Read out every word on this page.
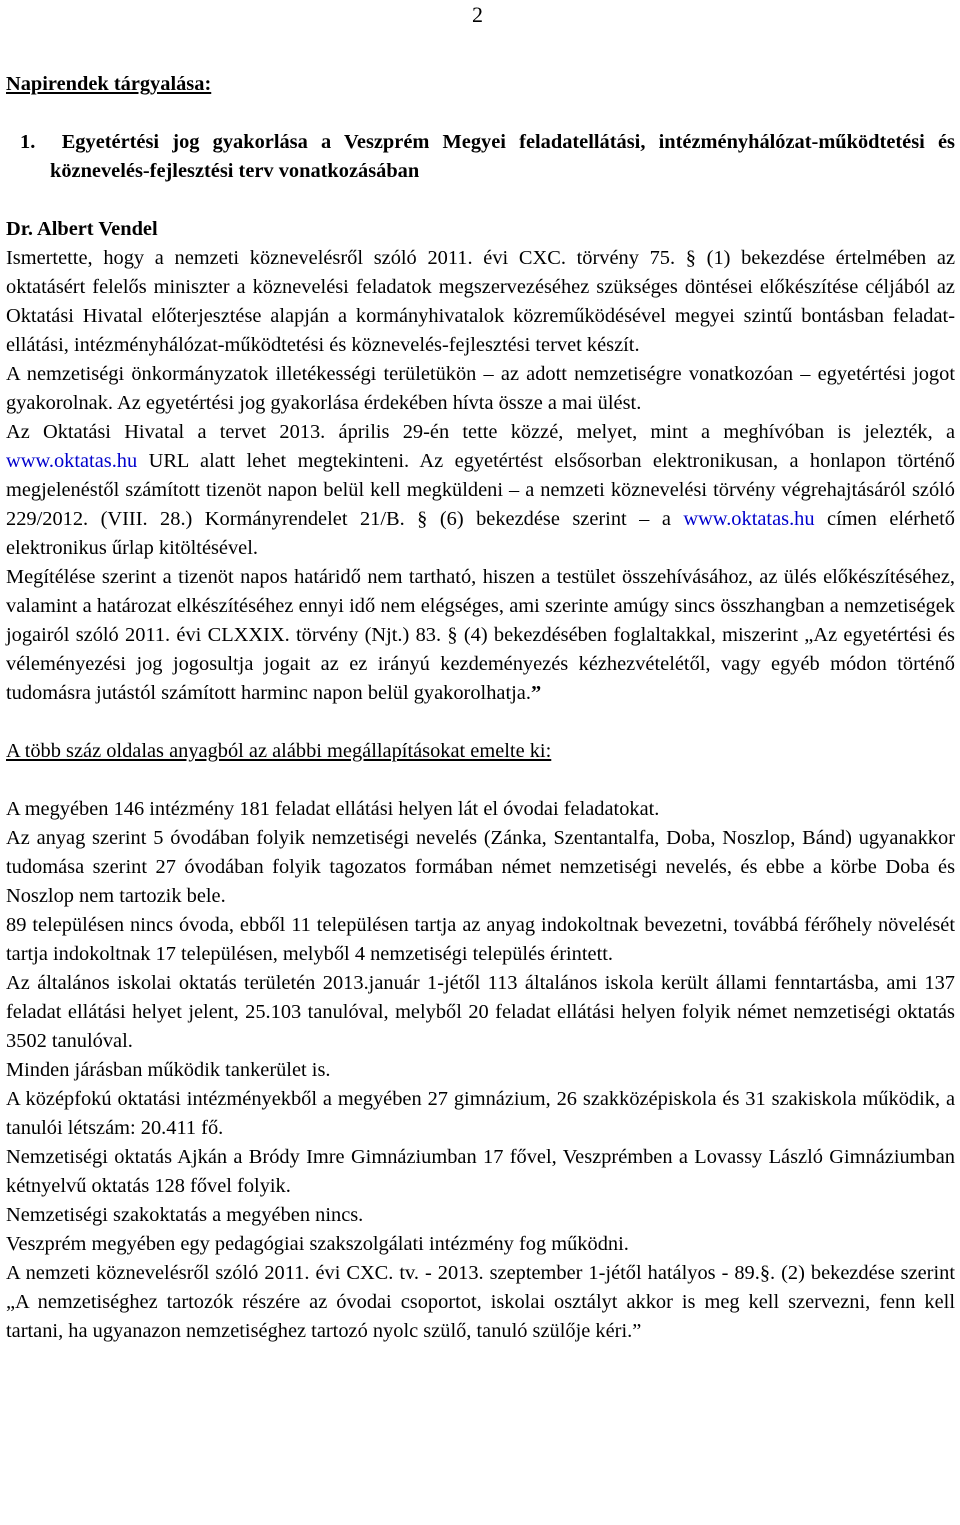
2
Napirendek tárgyalása:
1. Egyetértési jog gyakorlása a Veszprém Megyei feladatellátási, intézményhálózat-működtetési és köznevelés-fejlesztési terv vonatkozásában
Dr. Albert Vendel

Ismertette, hogy a nemzeti köznevelésről szóló 2011. évi CXC. törvény 75. § (1) bekezdése értelmében az oktatásért felelős miniszter a köznevelési feladatok megszervezéséhez szükséges döntései előkészítése céljából az Oktatási Hivatal előterjesztése alapján a kormányhivatalok közreműködésével megyei szintű bontásban feladat-ellátási, intézményhálózat-működtetési és köznevelés-fejlesztési tervet készít.

A nemzetiségi önkormányzatok illetékességi területükön – az adott nemzetiségre vonatkozóan – egyetértési jogot gyakorolnak. Az egyetértési jog gyakorlása érdekében hívta össze a mai ülést.

Az Oktatási Hivatal a tervet 2013. április 29-én tette közzé, melyet, mint a meghívóban is jelezték, a www.oktatas.hu URL alatt lehet megtekinteni. Az egyetértést elsősorban elektronikusan, a honlapon történő megjelenéstől számított tizenöt napon belül kell megküldeni – a nemzeti köznevelési törvény végrehajtásáról szóló 229/2012. (VIII. 28.) Kormányrendelet 21/B. § (6) bekezdése szerint – a www.oktatas.hu címen elérhető elektronikus űrlap kitöltésével.

Megítélése szerint a tizenöt napos határidő nem tartható, hiszen a testület összehívásához, az ülés előkészítéséhez, valamint a határozat elkészítéséhez ennyi idő nem elégséges, ami szerinte amúgy sincs összhangban a nemzetiségek jogairól szóló 2011. évi CLXXIX. törvény (Njt.) 83. § (4) bekezdésében foglaltakkal, miszerint „Az egyetértési és véleményezési jog jogosultja jogait az ez irányú kezdeményezés kézhezvételétől, vagy egyéb módon történő tudomásra jutástól számított harminc napon belül gyakorolhatja.”

A több száz oldalas anyagból az alábbi megállapításokat emelte ki:

A megyében 146 intézmény 181 feladat ellátási helyen lát el óvodai feladatokat.

Az anyag szerint 5 óvodában folyik nemzetiségi nevelés (Zánka, Szentantalfa, Doba, Noszlop, Bánd) ugyanakkor tudomása szerint 27 óvodában folyik tagozatos formában német nemzetiségi nevelés, és ebbe a körbe Doba és Noszlop nem tartozik bele.

89 településen nincs óvoda, ebből 11 településen tartja az anyag indokoltnak bevezetni, továbbá férőhely növelését tartja indokoltnak 17 településen, melyből 4 nemzetiségi település érintett.

Az általános iskolai oktatás területén 2013.január 1-jétől 113 általános iskola került állami fenntartásba, ami 137 feladat ellátási helyet jelent, 25.103 tanulóval, melyből 20 feladat ellátási helyen folyik német nemzetiségi oktatás 3502 tanulóval.

Minden járásban működik tankerület is.

A középfokú oktatási intézményekből a megyében 27 gimnázium, 26 szakközépiskola és 31 szakiskola működik, a tanulói létszám: 20.411 fő.

Nemzetiségi oktatás Ajkán a Bródy Imre Gimnáziumban 17 fővel, Veszprémben a Lovassy László Gimnáziumban kétnyelvű oktatás 128 fővel folyik.

Nemzetiségi szakoktatás a megyében nincs.

Veszprém megyében egy pedagógiai szakszolgálati intézmény fog működni.

A nemzeti köznevelésről szóló 2011. évi CXC. tv. - 2013. szeptember 1-jétől hatályos - 89.§. (2) bekezdése szerint „A nemzetiséghez tartozók részére az óvodai csoportot, iskolai osztályt akkor is meg kell szervezni, fenn kell tartani, ha ugyanazon nemzetiséghez tartozó nyolc szülő, tanuló szülője kéri.”
